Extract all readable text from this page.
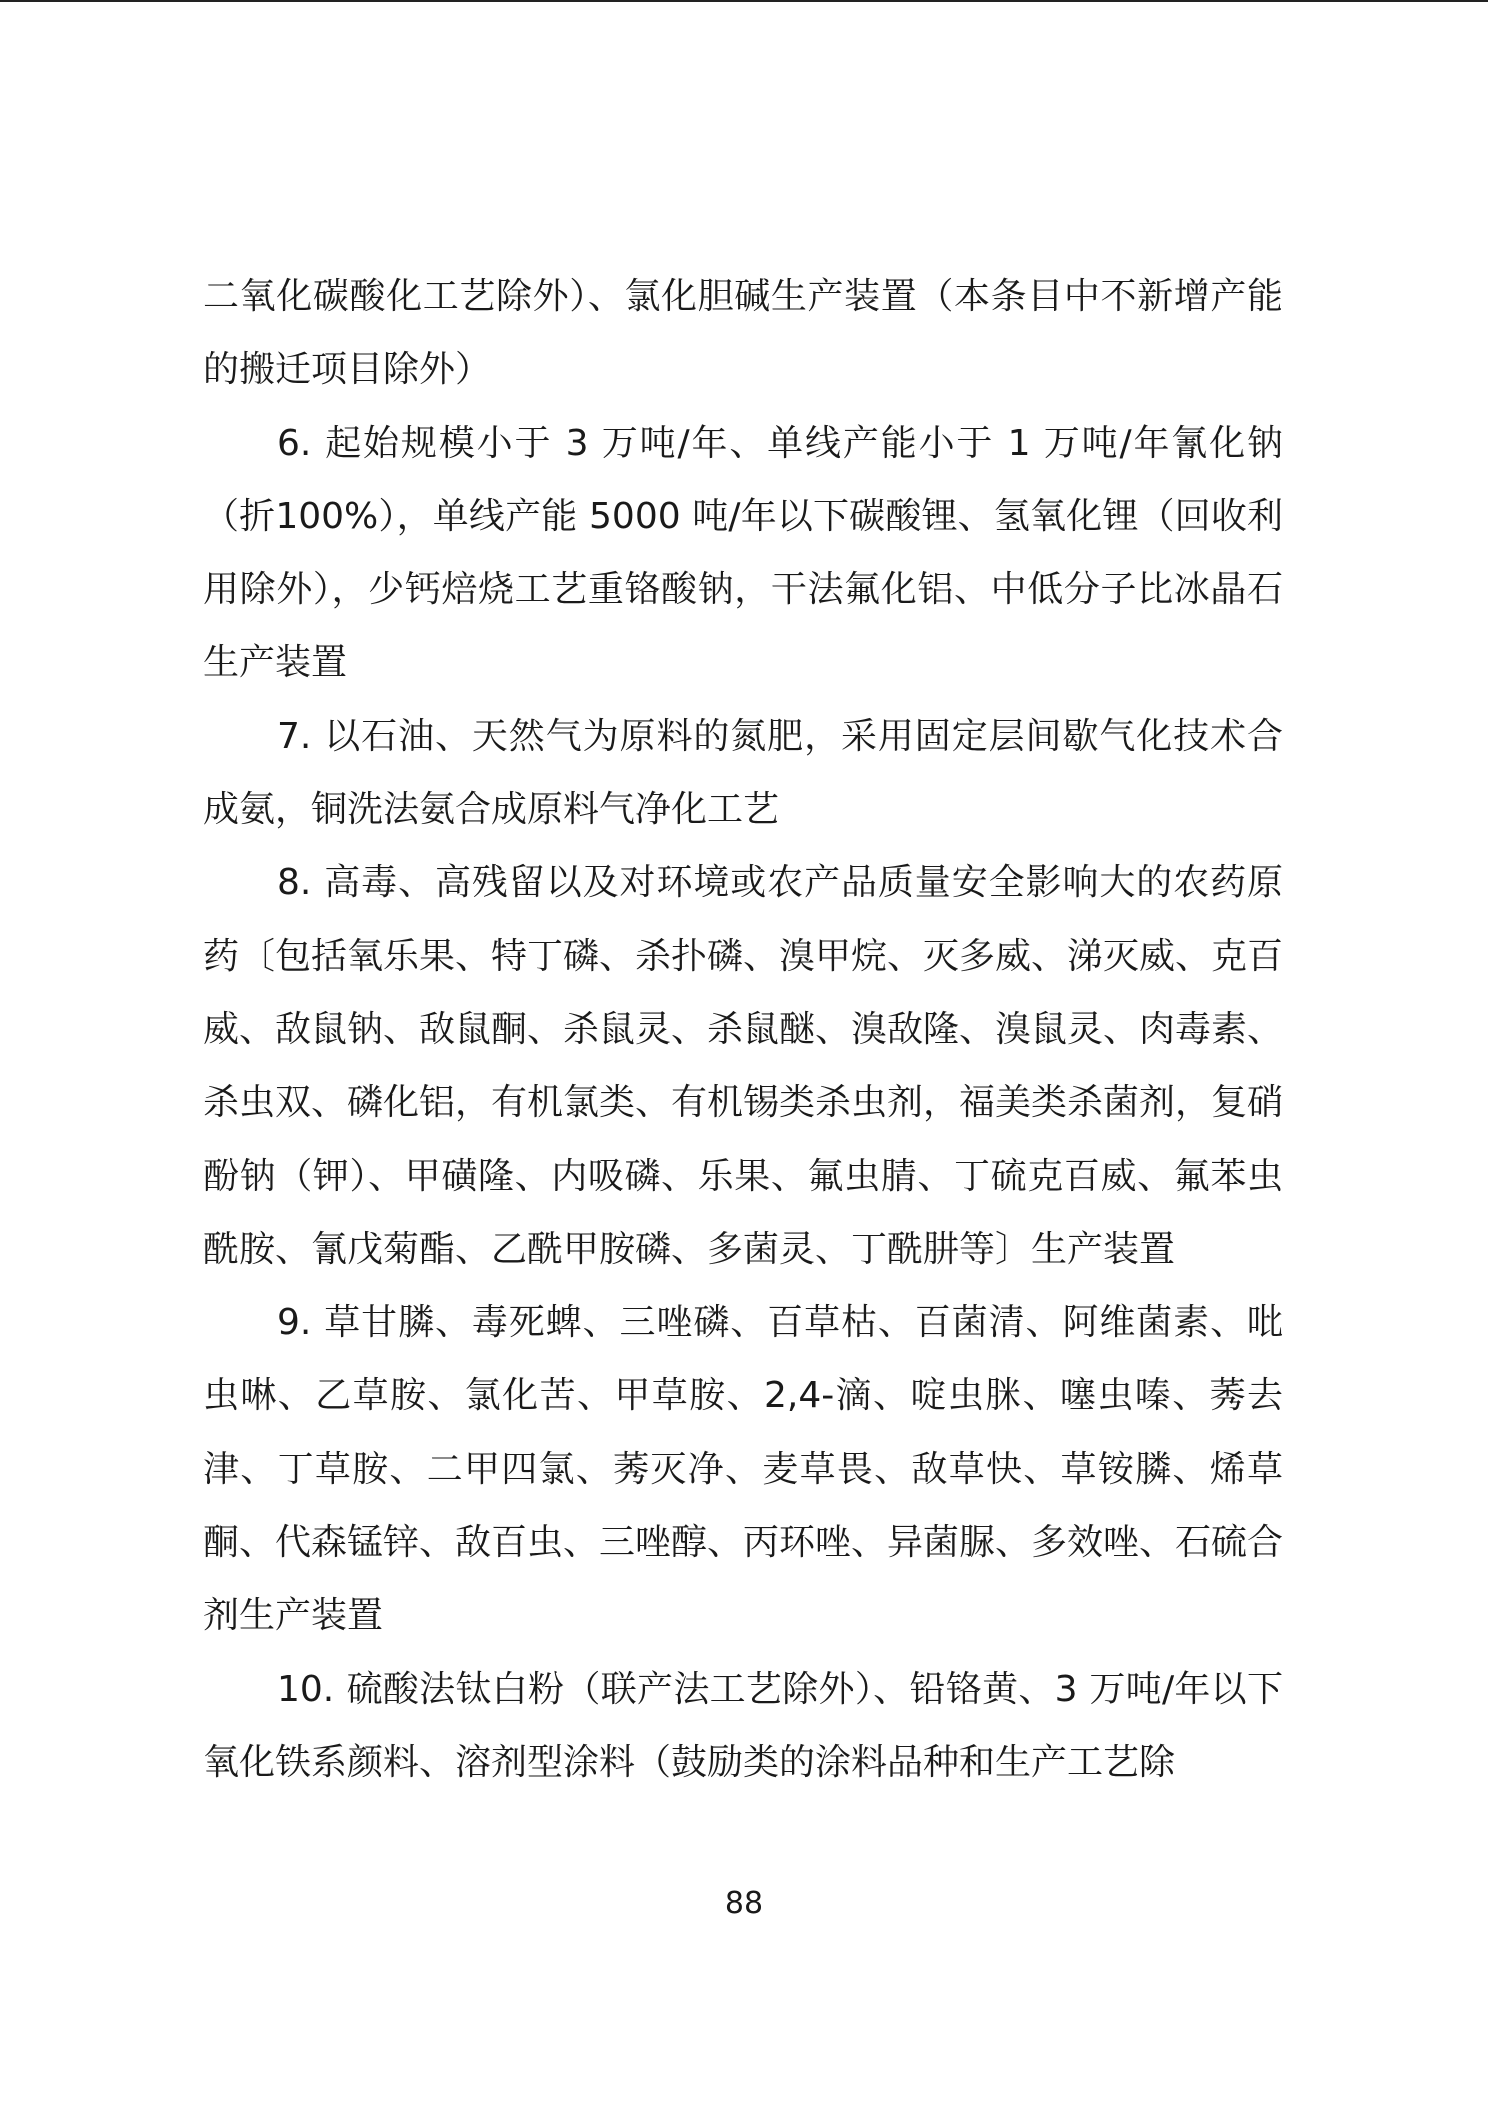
二氧化碳酸化工艺除外）、氯化胆碱生产装置（本条目中不新增产能的搬迁项目除外）

6. 起始规模小于 3 万吨/年、单线产能小于 1 万吨/年氰化钠（折100%），单线产能 5000 吨/年以下碳酸锂、氢氧化锂（回收利用除外），少钙焙烧工艺重铬酸钠，干法氟化铝、中低分子比冰晶石生产装置

7. 以石油、天然气为原料的氮肥，采用固定层间歇气化技术合成氨，铜洗法氨合成原料气净化工艺

8. 高毒、高残留以及对环境或农产品质量安全影响大的农药原药〔包括氧乐果、特丁磷、杀扑磷、溴甲烷、灭多威、涕灭威、克百威、敌鼠钠、敌鼠酮、杀鼠灵、杀鼠醚、溴敌隆、溴鼠灵、肉毒素、杀虫双、磷化铝，有机氯类、有机锡类杀虫剂，福美类杀菌剂，复硝酚钠（钾）、甲磺隆、内吸磷、乐果、氟虫腈、丁硫克百威、氟苯虫酰胺、氰戊菊酯、乙酰甲胺磷、多菌灵、丁酰肼等〕生产装置

9. 草甘膦、毒死蜱、三唑磷、百草枯、百菌清、阿维菌素、吡虫啉、乙草胺、氯化苦、甲草胺、2,4-滴、啶虫脒、噻虫嗪、莠去津、丁草胺、二甲四氯、莠灭净、麦草畏、敌草快、草铵膦、烯草酮、代森锰锌、敌百虫、三唑醇、丙环唑、异菌脲、多效唑、石硫合剂生产装置

10. 硫酸法钛白粉（联产法工艺除外）、铅铬黄、3 万吨/年以下氧化铁系颜料、溶剂型涂料（鼓励类的涂料品种和生产工艺除

88
